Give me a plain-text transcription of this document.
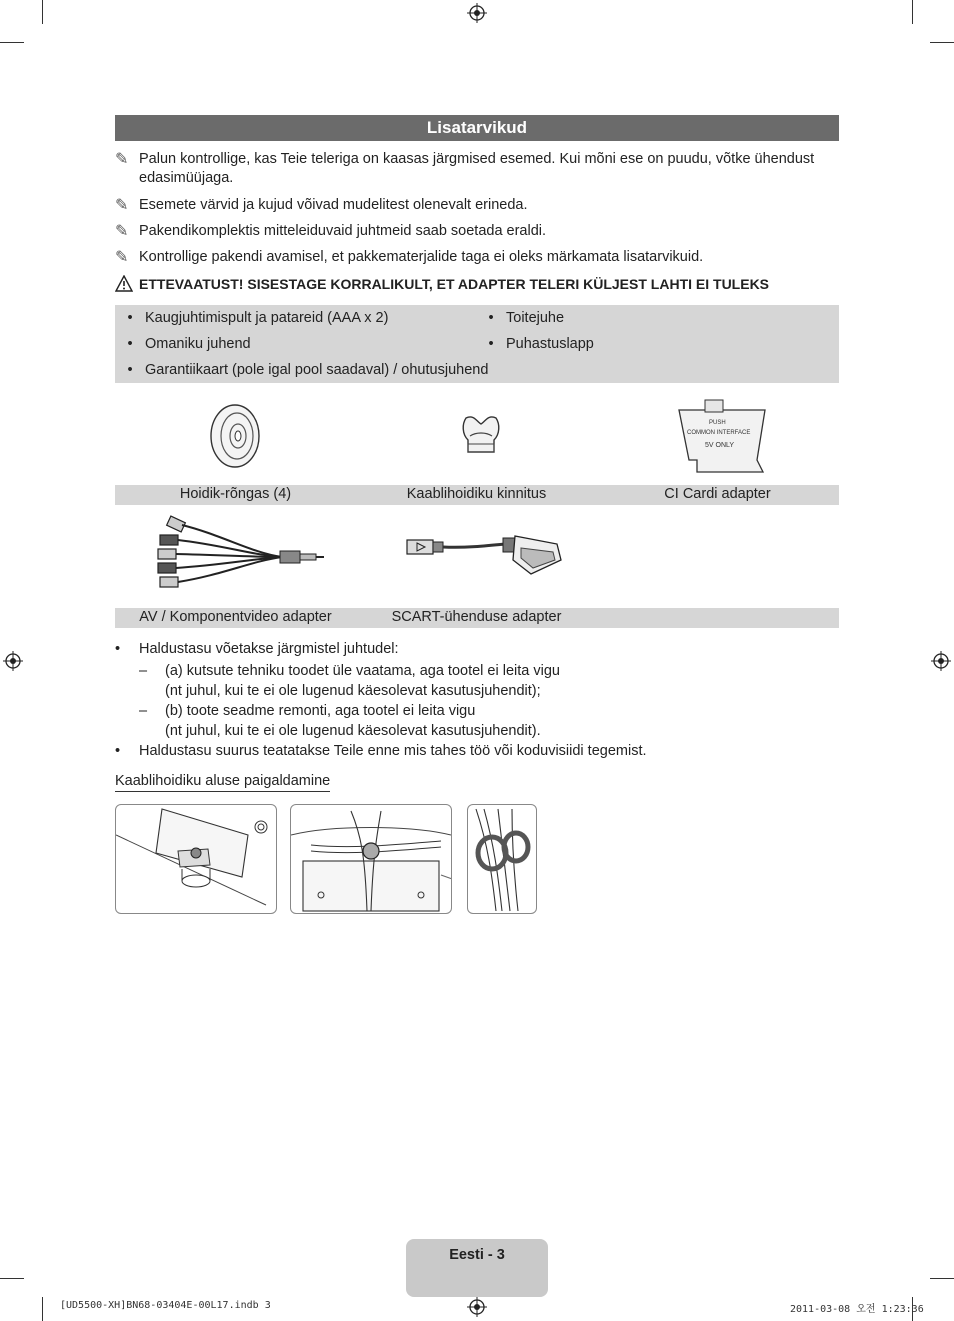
Lisatarvikud
✎ Palun kontrollige, kas Teie teleriga on kaasas järgmised esemed. Kui mõni ese on puudu, võtke ühendust edasimüüjaga.
✎ Esemete värvid ja kujud võivad mudelitest olenevalt erineda.
✎ Pakendikomplektis mitteleiduvaid juhtmeid saab soetada eraldi.
✎ Kontrollige pakendi avamisel, et pakkematerjalide taga ei oleks märkamata lisatarvikuid.
ETTEVAATUST! SISESTAGE KORRALIKULT, ET ADAPTER TELERI KÜLJEST LAHTI EI TULEKS
• Kaugjuhtimispult ja patareid (AAA x 2)
• Omaniku juhend
• Garantiikaart (pole igal pool saadaval) / ohutusjuhend
• Toitejuhe
• Puhastuslapp
PUSH
COMMON INTERFACE
5V ONLY
Hoidik-rõngas (4)	Kaablihoidiku kinnitus	CI Cardi adapter
AV / Komponentvideo adapter	SCART-ühenduse adapter
•	Haldustasu võetakse järgmistel juhtudel:
–	(a) kutsute tehniku toodet üle vaatama, aga tootel ei leita vigu
(nt juhul, kui te ei ole lugenud käesolevat kasutusjuhendit);
–	(b) toote seadme remonti, aga tootel ei leita vigu
(nt juhul, kui te ei ole lugenud käesolevat kasutusjuhendit).
•	Haldustasu suurus teatatakse Teile enne mis tahes töö või koduvisiidi tegemist.
Kaablihoidiku aluse paigaldamine
Eesti - 3
[UD5500-XH]BN68-03404E-00L17.indb 3	2011-03-08 오전 1:23:36
